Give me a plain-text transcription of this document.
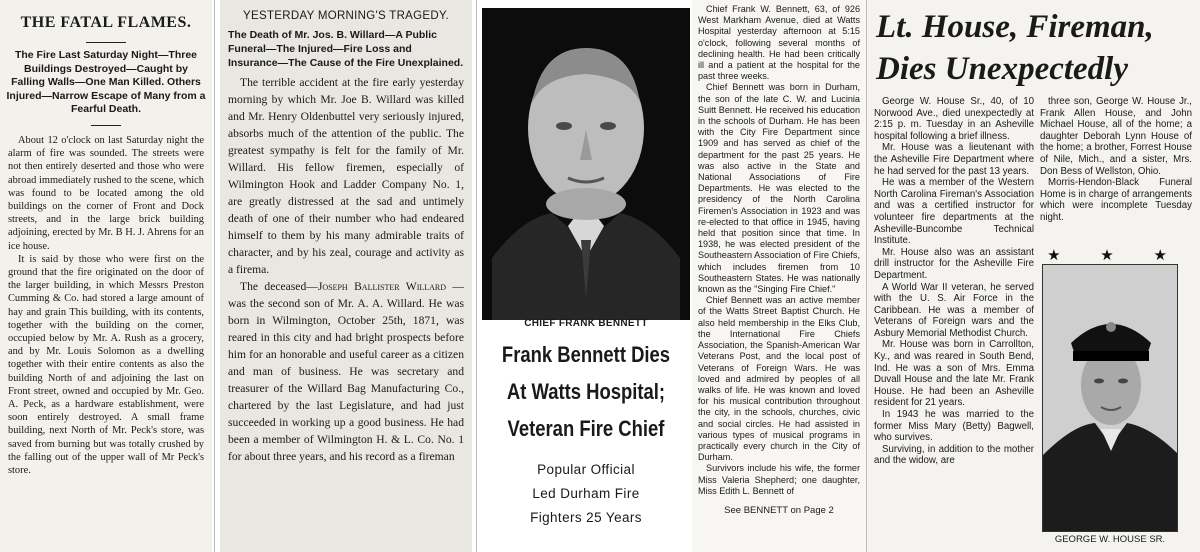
THE FATAL FLAMES.
The Fire Last Saturday Night—Three Buildings Destroyed—Caught by Falling Walls—One Man Killed. Others Injured—Narrow Escape of Many from a Fearful Death.

About 12 o'clock on last Saturday night the alarm of fire was sounded. The streets were not then entirely deserted and those who were abroad immediately rushed to the scene, which was found to be located among the old buildings on the corner of Front and Dock streets, and in the large brick building adjoining, erected by Mr. B H. J. Ahrens for an ice house.

It is said by those who were first on the ground that the fire originated on the door of the larger building, in which Messrs Preston Cumming & Co. had stored a large amount of hay and grain This building, with its contents, together with the building on the corner, occupied below by Mr. A. Rush as a grocery, and by Mr. Louis Solomon as a dwelling together with their entire contents as also the building North of and adjoining the last on Front street, owned and occupied by Mr. Geo. A. Peck, as a hardware establishment, were soon entirely destroyed. A small frame building, next North of Mr. Peck's store, was saved from burning but was totally crushed by the falling out of the upper wall of Mr Peck's store.

YESTERDAY MORNING'S TRAGEDY.
The Death of Mr. Jos. B. Willard—A Public Funeral—The Injured—Fire Loss and Insurance—The Cause of the Fire Unexplained.

The terrible accident at the fire early yesterday morning by which Mr. Joe B. Willard was killed and Mr. Henry Oldenbuttel very seriously injured, absorbs much of the attention of the public. The greatest sympathy is felt for the family of Mr. Willard. His fellow firemen, especially of Wilmington Hook and Ladder Company No. 1, are greatly distressed at the sad and untimely death of one of their number who had endeared himself to them by his many admirable traits of character, and by his zeal, courage and activity as a firema.

The deceased—Joseph Ballister Willard —was the second son of Mr. A. A. Willard. He was born in Wilmington, October 25th, 1871, was reared in this city and had bright prospects before him for an honorable and useful career as a citizen and man of business. He was secretary and treasurer of the Willard Bag Manufacturing Co., chartered by the last Legislature, and had just succeeded in working up a good business. He had been a member of Wilmington H. & L. Co. No. 1 for about three years, and his record as a fireman

CHIEF FRANK BENNETT
Frank Bennett Dies
At Watts Hospital;
Veteran Fire Chief
Popular Official
Led Durham Fire
Fighters 25 Years

Chief Frank W. Bennett, 63, of 926 West Markham Avenue, died at Watts Hospital yesterday afternoon at 5:15 o'clock, following several months of declining health. He had been critically ill and a patient at the hospital for the past three weeks.

Chief Bennett was born in Durham, the son of the late C. W. and Lucinia Suitt Bennett. He received his education in the schools of Durham. He has been with the City Fire Department since 1909 and has served as chief of the department for the past 25 years. He was also active in the State and National Associations of Fire Departments. He was elected to the presidency of the North Carolina Firemen's Association in 1923 and was re-elected to that office in 1945, having held that position since that time. In 1938, he was elected president of the Southeastern Association of Fire Chiefs, which includes firemen from 10 Southeastern States. He was nationally known as the "Singing Fire Chief."

Chief Bennett was an active member of the Watts Street Baptist Church. He also held membership in the Elks Club, the International Fire Chiefs Association, the Spanish-American War Veterans Post, and the local post of Veterans of Foreign Wars. He was loved and admired by peoples of all walks of life. He was known and loved for his musical contribution throughout the city, in the schools, churches, civic and social circles. He had assisted in various types of musical programs in practically every church in the City of Durham.

Survivors include his wife, the former Miss Valeria Shepherd; one daughter, Miss Edith L. Bennett of

See BENNETT on Page 2
Lt. House, Fireman,
Dies Unexpectedly

George W. House Sr., 40, of 10 Norwood Ave., died unexpectedly at 2:15 p. m. Tuesday in an Asheville hospital following a brief illness.

Mr. House was a lieutenant with the Asheville Fire Department where he had served for the past 13 years.

He was a member of the Western North Carolina Fireman's Association and was a certified instructor for volunteer fire departments at the Asheville-Buncombe Technical Institute.

Mr. House also was an assistant drill instructor for the Asheville Fire Department.

A World War II veteran, he served with the U. S. Air Force in the Caribbean. He was a member of Veterans of Foreign wars and the Asbury Memorial Methodist Church.

Mr. House was born in Carrollton, Ky., and was reared in South Bend, Ind. He was a son of Mrs. Emma Duvall House and the late Mr. Frank House. He had been an Asheville resident for 21 years.

In 1943 he was married to the former Miss Mary (Betty) Bagwell, who survives.

Surviving, in addition to the mother and the widow, are

three son, George W. House Jr., Frank Allen House, and John Michael House, all of the home; a daughter Deborah Lynn House of the home; a brother, Forrest House of Nile, Mich., and a sister, Mrs. Don Bess of Wellston, Ohio.

Morris-Hendon-Black Funeral Home is in charge of arrangements which were incomplete Tuesday night.

★ ★ ★
GEORGE W. HOUSE SR.
